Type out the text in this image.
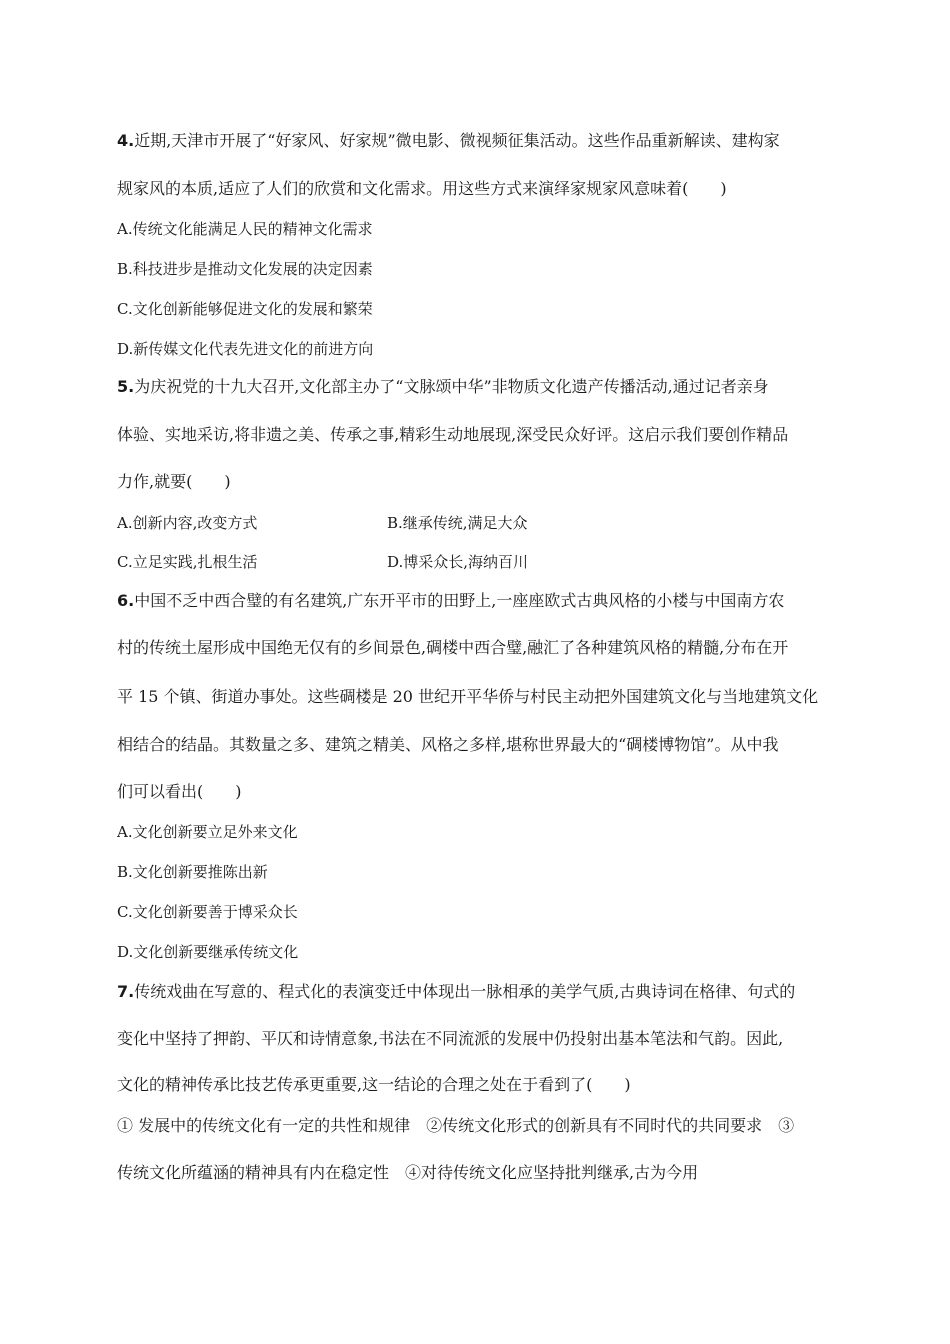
4.近期,天津市开展了“好家风、好家规”微电影、微视频征集活动。这些作品重新解读、建构家
规家风的本质,适应了人们的欣赏和文化需求。用这些方式来演绎家规家风意味着(　　)
A.传统文化能满足人民的精神文化需求
B.科技进步是推动文化发展的决定因素
C.文化创新能够促进文化的发展和繁荣
D.新传媒文化代表先进文化的前进方向
5.为庆祝党的十九大召开,文化部主办了“文脉颂中华”非物质文化遗产传播活动,通过记者亲身
体验、实地采访,将非遗之美、传承之事,精彩生动地展现,深受民众好评。这启示我们要创作精品
力作,就要(　　)
A.创新内容,改变方式	B.继承传统,满足大众
C.立足实践,扎根生活	D.博采众长,海纳百川
6.中国不乏中西合璧的有名建筑,广东开平市的田野上,一座座欧式古典风格的小楼与中国南方农
村的传统土屋形成中国绝无仅有的乡间景色,碉楼中西合璧,融汇了各种建筑风格的精髓,分布在开
平 15 个镇、街道办事处。这些碉楼是 20 世纪开平华侨与村民主动把外国建筑文化与当地建筑文化
相结合的结晶。其数量之多、建筑之精美、风格之多样,堪称世界最大的“碉楼博物馆”。从中我
们可以看出(　　)
A.文化创新要立足外来文化
B.文化创新要推陈出新
C.文化创新要善于博采众长
D.文化创新要继承传统文化
7.传统戏曲在写意的、程式化的表演变迁中体现出一脉相承的美学气质,古典诗词在格律、句式的
变化中坚持了押韵、平仄和诗情意象,书法在不同流派的发展中仍投射出基本笔法和气韵。因此,
文化的精神传承比技艺传承更重要,这一结论的合理之处在于看到了(　　)
① 发展中的传统文化有一定的共性和规律　②传统文化形式的创新具有不同时代的共同要求　③
传统文化所蕴涵的精神具有内在稳定性　④对待传统文化应坚持批判继承,古为今用
